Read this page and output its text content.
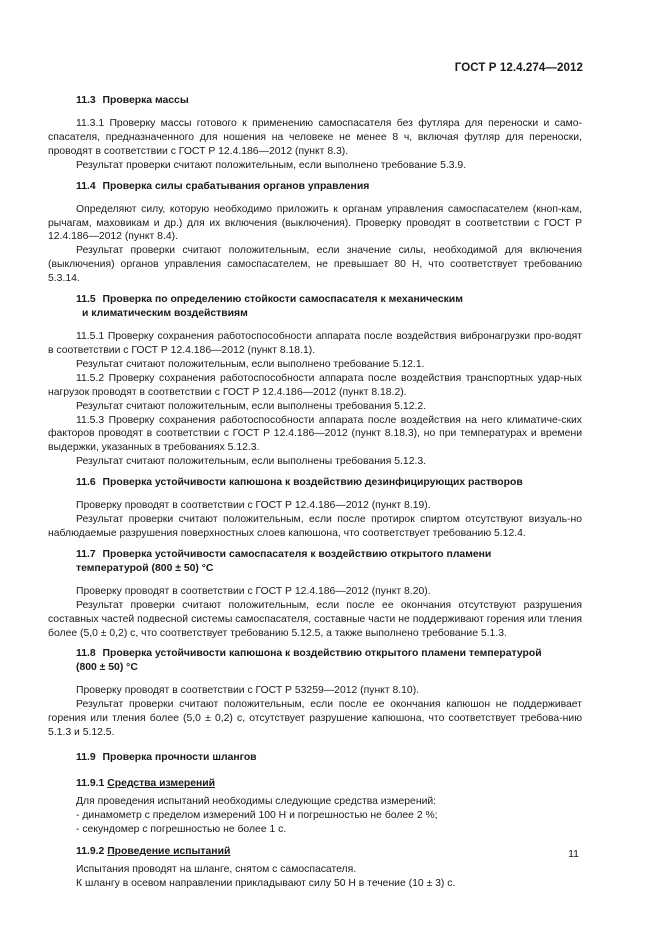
ГОСТ Р 12.4.274—2012
11.3 Проверка массы

11.3.1 Проверку массы готового к применению самоспасателя без футляра для переноски и само-спасателя, предназначенного для ношения на человеке не менее 8 ч, включая футляр для переноски, проводят в соответствии с ГОСТ Р 12.4.186—2012 (пункт 8.3).

Результат проверки считают положительным, если выполнено требование 5.3.9.

11.4 Проверка силы срабатывания органов управления

Определяют силу, которую необходимо приложить к органам управления самоспасателем (кноп-кам, рычагам, маховикам и др.) для их включения (выключения). Проверку проводят в соответствии с ГОСТ Р 12.4.186—2012 (пункт 8.4).

Результат проверки считают положительным, если значение силы, необходимой для включения (выключения) органов управления самоспасателем, не превышает 80 Н, что соответствует требованию 5.3.14.

11.5 Проверка по определению стойкости самоспасателя к механическим
и климатическим воздействиям

11.5.1 Проверку сохранения работоспособности аппарата после воздействия вибронагрузки про-водят в соответствии с ГОСТ Р 12.4.186—2012 (пункт 8.18.1).

Результат считают положительным, если выполнено требование 5.12.1.

11.5.2 Проверку сохранения работоспособности аппарата после воздействия транспортных удар-ных нагрузок проводят в соответствии с ГОСТ Р 12.4.186—2012 (пункт 8.18.2).

Результат считают положительным, если выполнены требования 5.12.2.

11.5.3 Проверку сохранения работоспособности аппарата после воздействия на него климатиче-ских факторов проводят в соответствии с ГОСТ Р 12.4.186—2012 (пункт 8.18.3), но при температурах и времени выдержки, указанных в требованиях 5.12.3.

Результат считают положительным, если выполнены требования 5.12.3.

11.6 Проверка устойчивости капюшона к воздействию дезинфицирующих растворов

Проверку проводят в соответствии с ГОСТ Р 12.4.186—2012 (пункт 8.19).

Результат проверки считают положительным, если после протирок спиртом отсутствуют визуаль-но наблюдаемые разрушения поверхностных слоев капюшона, что соответствует требованию 5.12.4.

11.7 Проверка устойчивости самоспасателя к воздействию открытого пламени
температурой (800 ± 50) °С

Проверку проводят в соответствии с ГОСТ Р 12.4.186—2012 (пункт 8.20).

Результат проверки считают положительным, если после ее окончания отсутствуют разрушения составных частей подвесной системы самоспасателя, составные части не поддерживают горения или тления более (5,0 ± 0,2) с, что соответствует требованию 5.12.5, а также выполнено требование 5.1.3.

11.8 Проверка устойчивости капюшона к воздействию открытого пламени температурой
(800 ± 50) °С

Проверку проводят в соответствии с ГОСТ Р 53259—2012 (пункт 8.10).

Результат проверки считают положительным, если после ее окончания капюшон не поддерживает горения или тления более (5,0 ± 0,2) с, отсутствует разрушение капюшона, что соответствует требова-нию 5.1.3 и 5.12.5.

11.9 Проверка прочности шлангов
11.9.1 Средства измерений

Для проведения испытаний необходимы следующие средства измерений:

- динамометр с пределом измерений 100 Н и погрешностью не более 2 %;

- секундомер с погрешностью не более 1 с.

11.9.2 Проведение испытаний

Испытания проводят на шланге, снятом с самоспасателя.

К шлангу в осевом направлении прикладывают силу 50 Н в течение (10 ± 3) с.

11
